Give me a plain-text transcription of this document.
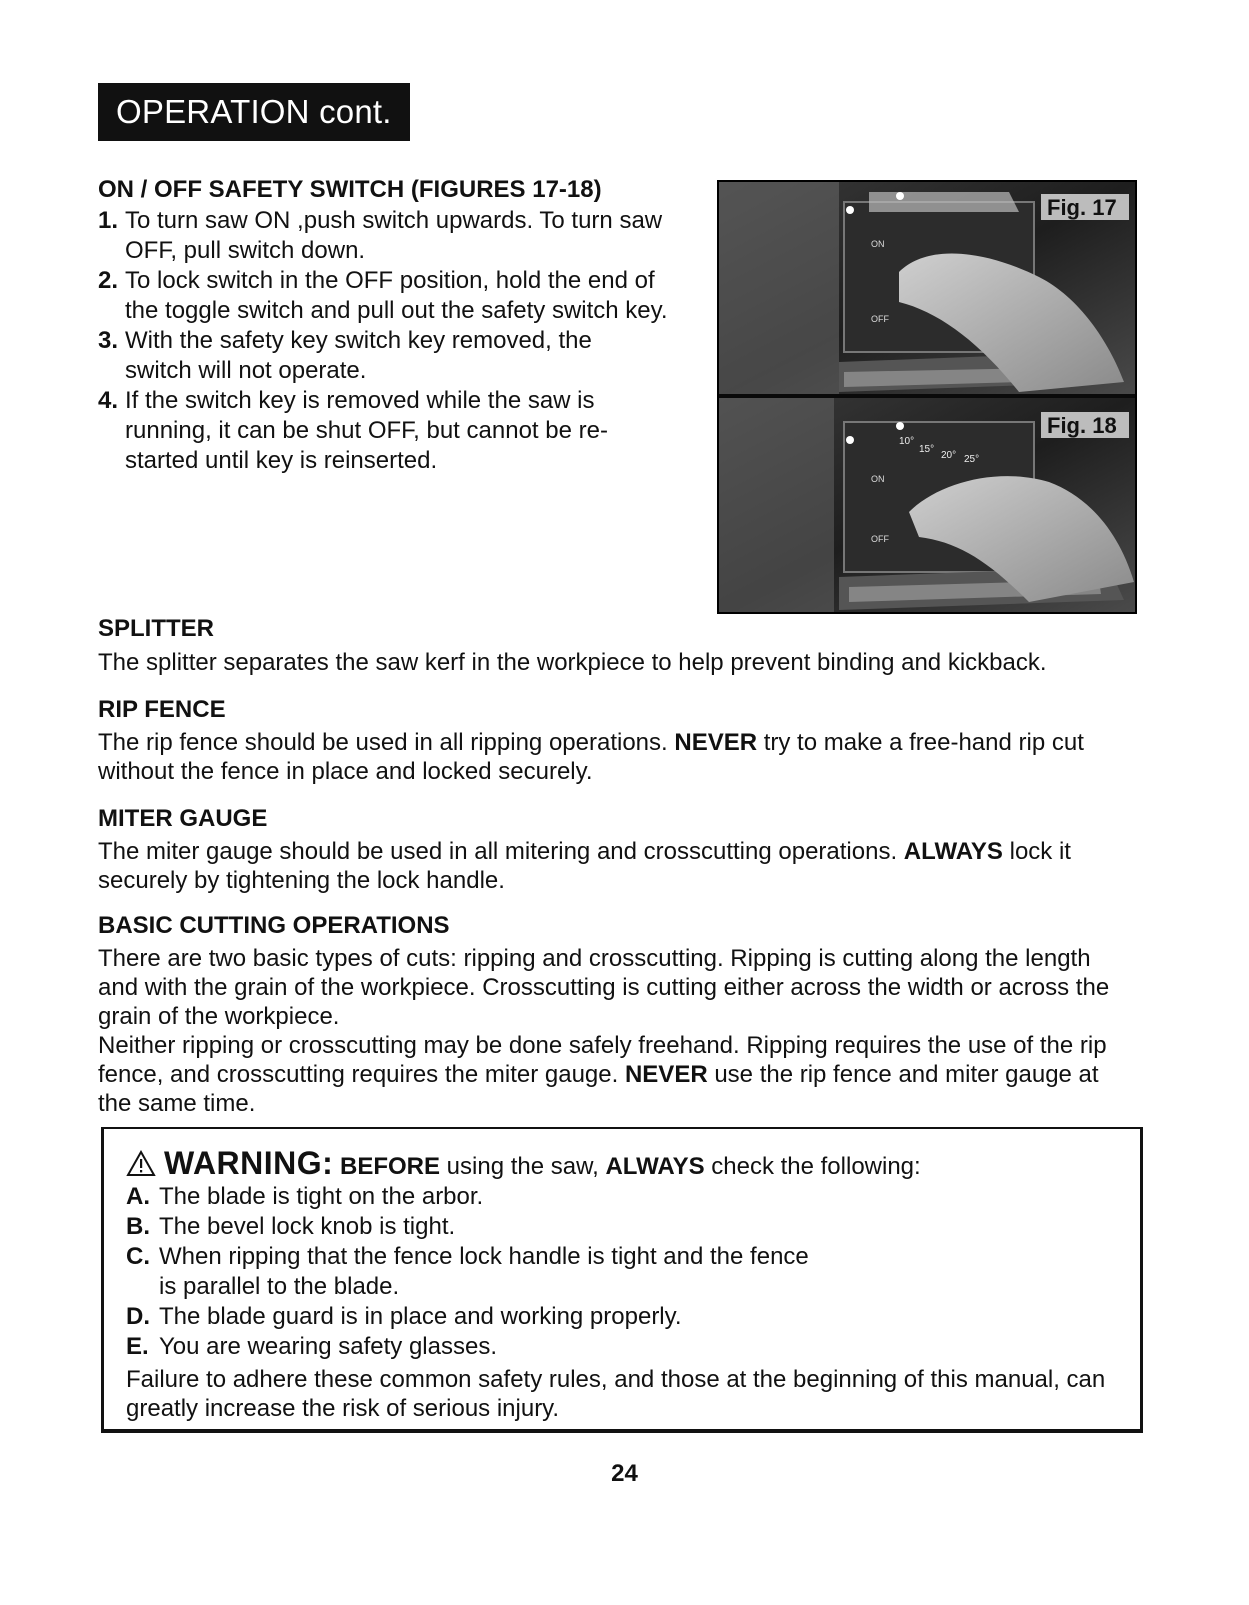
OPERATION cont.
ON / OFF SAFETY SWITCH (FIGURES 17-18)
1. To turn saw ON ,push switch upwards. To turn saw OFF, pull switch down.
2. To lock switch in the OFF position, hold the end of the toggle switch and pull out the safety switch key.
3. With the safety key switch key removed, the switch will not operate.
4. If the switch key is removed while the saw is running, it can be shut OFF, but cannot be re-started until key is reinserted.
ON
OFF
Fig. 17
10°
15°
20° 25°
ON
OFF
Fig. 18
SPLITTER

The splitter separates the saw kerf in the workpiece to help prevent binding and kickback.

RIP FENCE

The rip fence should be used in all ripping operations. NEVER try to make a free-hand rip cut without the fence in place and locked securely.

MITER GAUGE

The miter gauge should be used in all mitering and crosscutting operations. ALWAYS lock it securely by tightening the lock handle.

BASIC CUTTING OPERATIONS

There are two basic types of cuts: ripping and crosscutting. Ripping is cutting along the length and with the grain of the workpiece. Crosscutting is cutting either across the width or across the grain of the workpiece.

Neither ripping or crosscutting may be done safely freehand. Ripping requires the use of the rip fence, and crosscutting requires the miter gauge. NEVER use the rip fence and miter gauge at the same time.

WARNING: BEFORE using the saw, ALWAYS check the following:
A. The blade is tight on the arbor.
B. The bevel lock knob is tight.
C. When ripping that the fence lock handle is tight and the fence is parallel to the blade.
D. The blade guard is in place and working properly.
E. You are wearing safety glasses.

Failure to adhere these common safety rules, and those at the beginning of this manual, can greatly increase the risk of serious injury.

24
